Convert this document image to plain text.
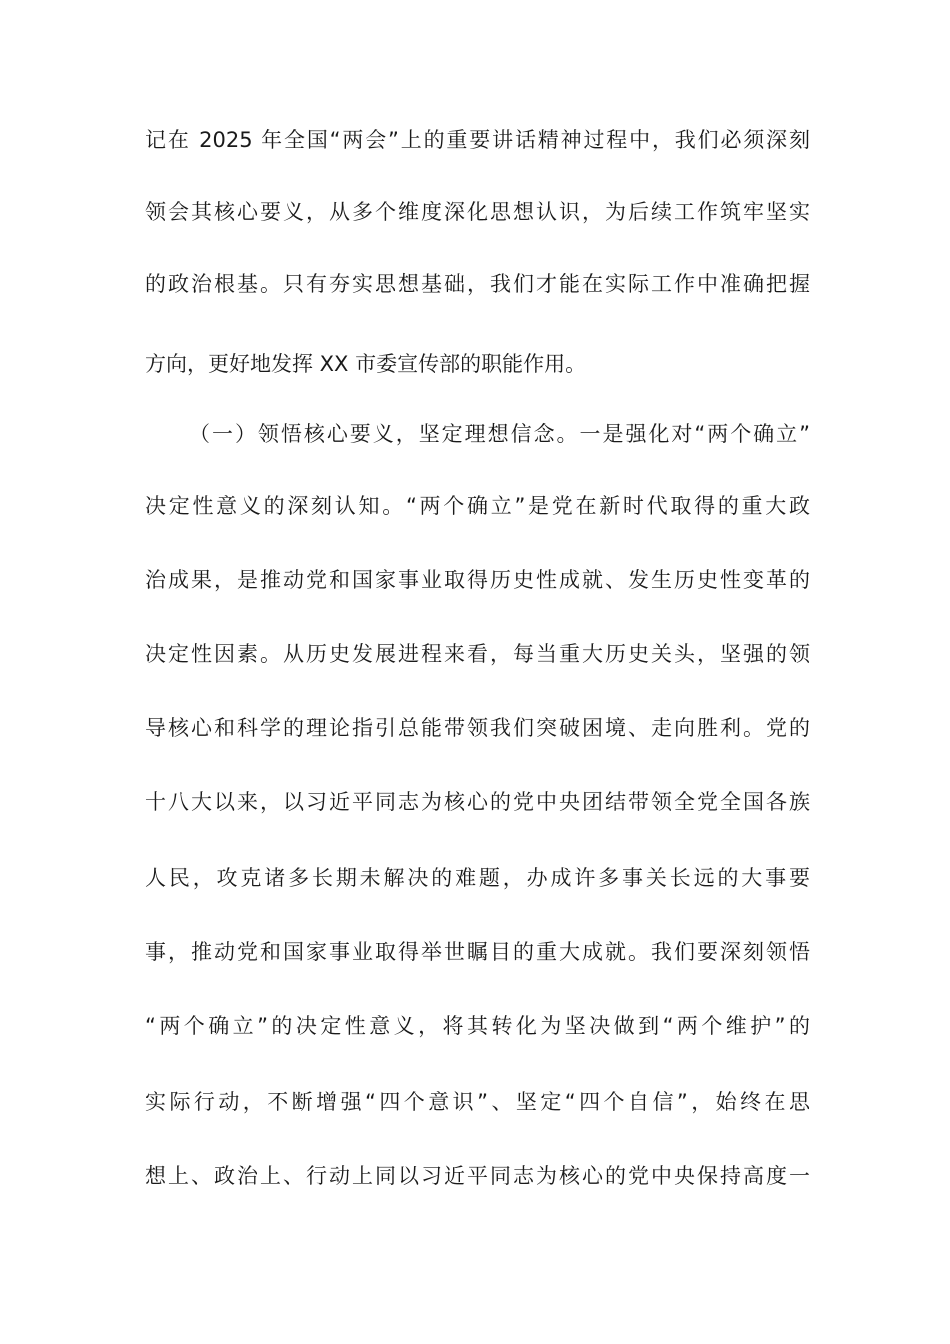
记在 2025 年全国“两会”上的重要讲话精神过程中，我们必须深刻
领会其核心要义，从多个维度深化思想认识，为后续工作筑牢坚实
的政治根基。只有夯实思想基础，我们才能在实际工作中准确把握
方向，更好地发挥 XX 市委宣传部的职能作用。
（一）领悟核心要义，坚定理想信念。一是强化对“两个确立”
决定性意义的深刻认知。“两个确立”是党在新时代取得的重大政
治成果，是推动党和国家事业取得历史性成就、发生历史性变革的
决定性因素。从历史发展进程来看，每当重大历史关头，坚强的领
导核心和科学的理论指引总能带领我们突破困境、走向胜利。党的
十八大以来，以习近平同志为核心的党中央团结带领全党全国各族
人民，攻克诸多长期未解决的难题，办成许多事关长远的大事要
事，推动党和国家事业取得举世瞩目的重大成就。我们要深刻领悟
“两个确立”的决定性意义，将其转化为坚决做到“两个维护”的
实际行动，不断增强“四个意识”、坚定“四个自信”，始终在思
想上、政治上、行动上同以习近平同志为核心的党中央保持高度一
